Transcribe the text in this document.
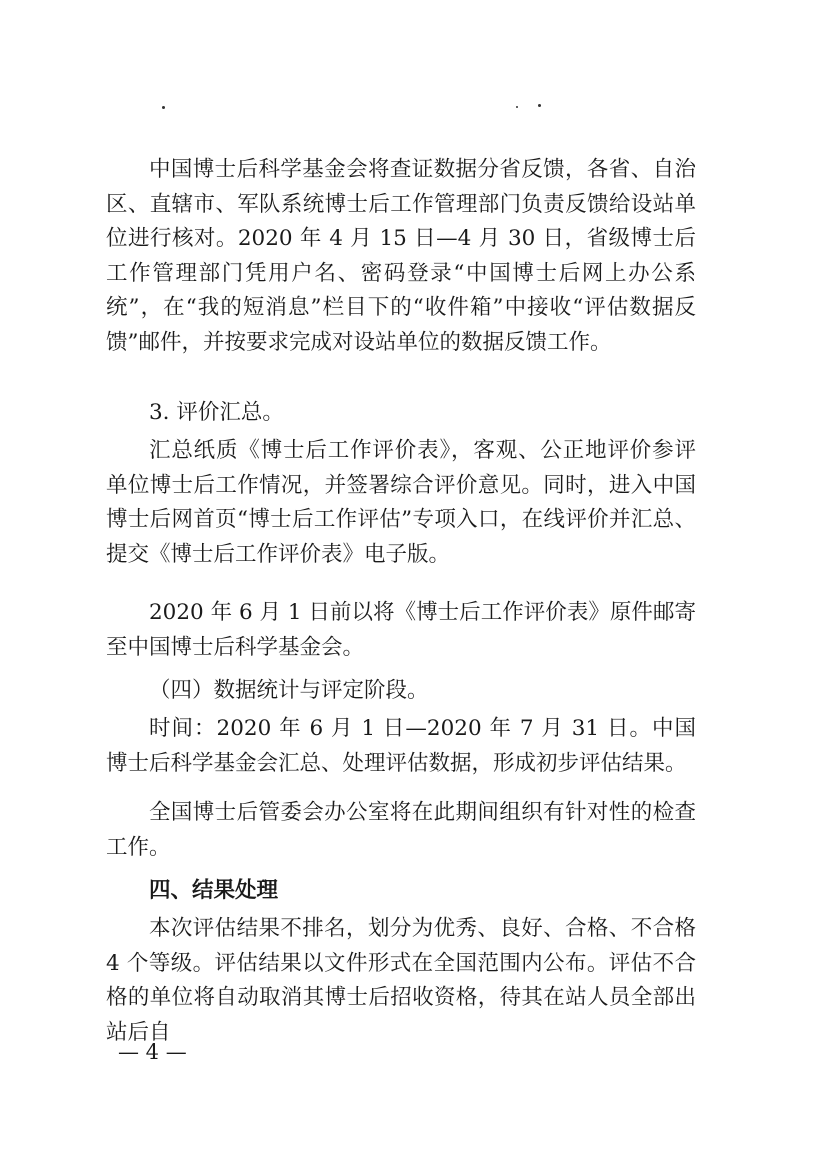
中国博士后科学基金会将查证数据分省反馈，各省、自治区、直辖市、军队系统博士后工作管理部门负责反馈给设站单位进行核对。2020 年 4 月 15 日—4 月 30 日，省级博士后工作管理部门凭用户名、密码登录“中国博士后网上办公系统”，在“我的短消息”栏目下的“收件箱”中接收“评估数据反馈”邮件，并按要求完成对设站单位的数据反馈工作。
3. 评价汇总。
汇总纸质《博士后工作评价表》，客观、公正地评价参评单位博士后工作情况，并签署综合评价意见。同时，进入中国博士后网首页“博士后工作评估”专项入口，在线评价并汇总、提交《博士后工作评价表》电子版。
2020 年 6 月 1 日前以将《博士后工作评价表》原件邮寄至中国博士后科学基金会。
（四）数据统计与评定阶段。
时间：2020 年 6 月 1 日—2020 年 7 月 31 日。中国博士后科学基金会汇总、处理评估数据，形成初步评估结果。
全国博士后管委会办公室将在此期间组织有针对性的检查工作。
四、结果处理
本次评估结果不排名，划分为优秀、良好、合格、不合格 4 个等级。评估结果以文件形式在全国范围内公布。评估不合格的单位将自动取消其博士后招收资格，待其在站人员全部出站后自
— 4 —
